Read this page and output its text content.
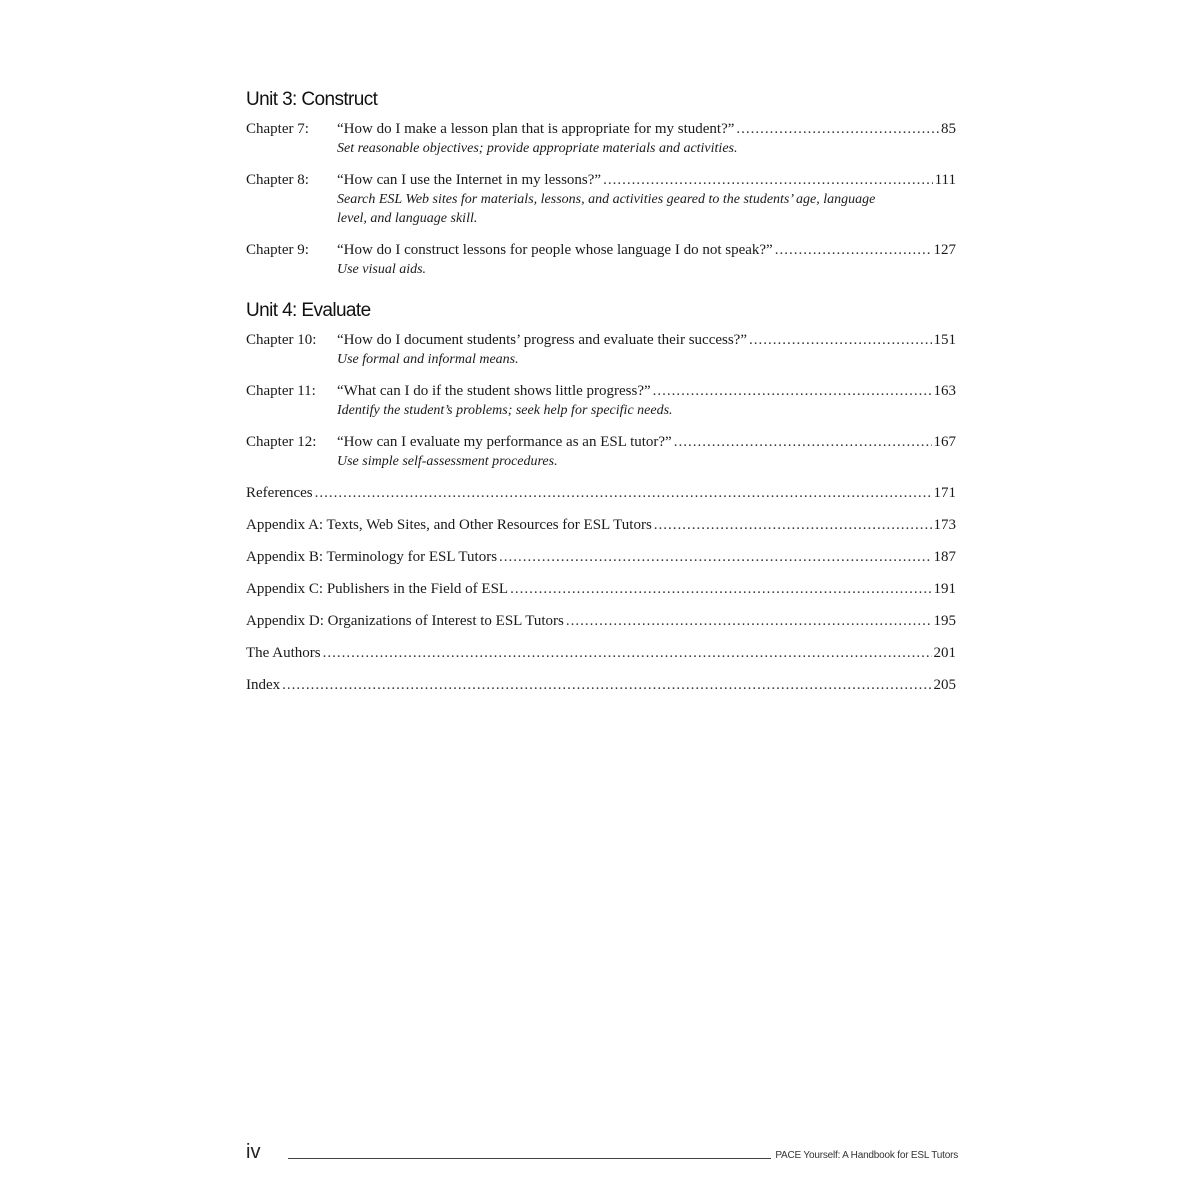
Unit 3: Construct
Chapter 7:	“How do I make a lesson plan that is appropriate for my student?” .....	85
Set reasonable objectives; provide appropriate materials and activities.
Chapter 8:	“How can I use the Internet in my lessons?” .....	111
Search ESL Web sites for materials, lessons, and activities geared to the students’ age, language level, and language skill.
Chapter 9:	“How do I construct lessons for people whose language I do not speak?” .....	127
Use visual aids.
Unit 4: Evaluate
Chapter 10:	“How do I document students’ progress and evaluate their success?” .....	151
Use formal and informal means.
Chapter 11:	“What can I do if the student shows little progress?” .....	163
Identify the student’s problems; seek help for specific needs.
Chapter 12:	“How can I evaluate my performance as an ESL tutor?” .....	167
Use simple self-assessment procedures.
References .....	171
Appendix A: Texts, Web Sites, and Other Resources for ESL Tutors .....	173
Appendix B: Terminology for ESL Tutors .....	187
Appendix C: Publishers in the Field of ESL .....	191
Appendix D: Organizations of Interest to ESL Tutors .....	195
The Authors .....	201
Index .....	205
iv	PACE Yourself: A Handbook for ESL Tutors
